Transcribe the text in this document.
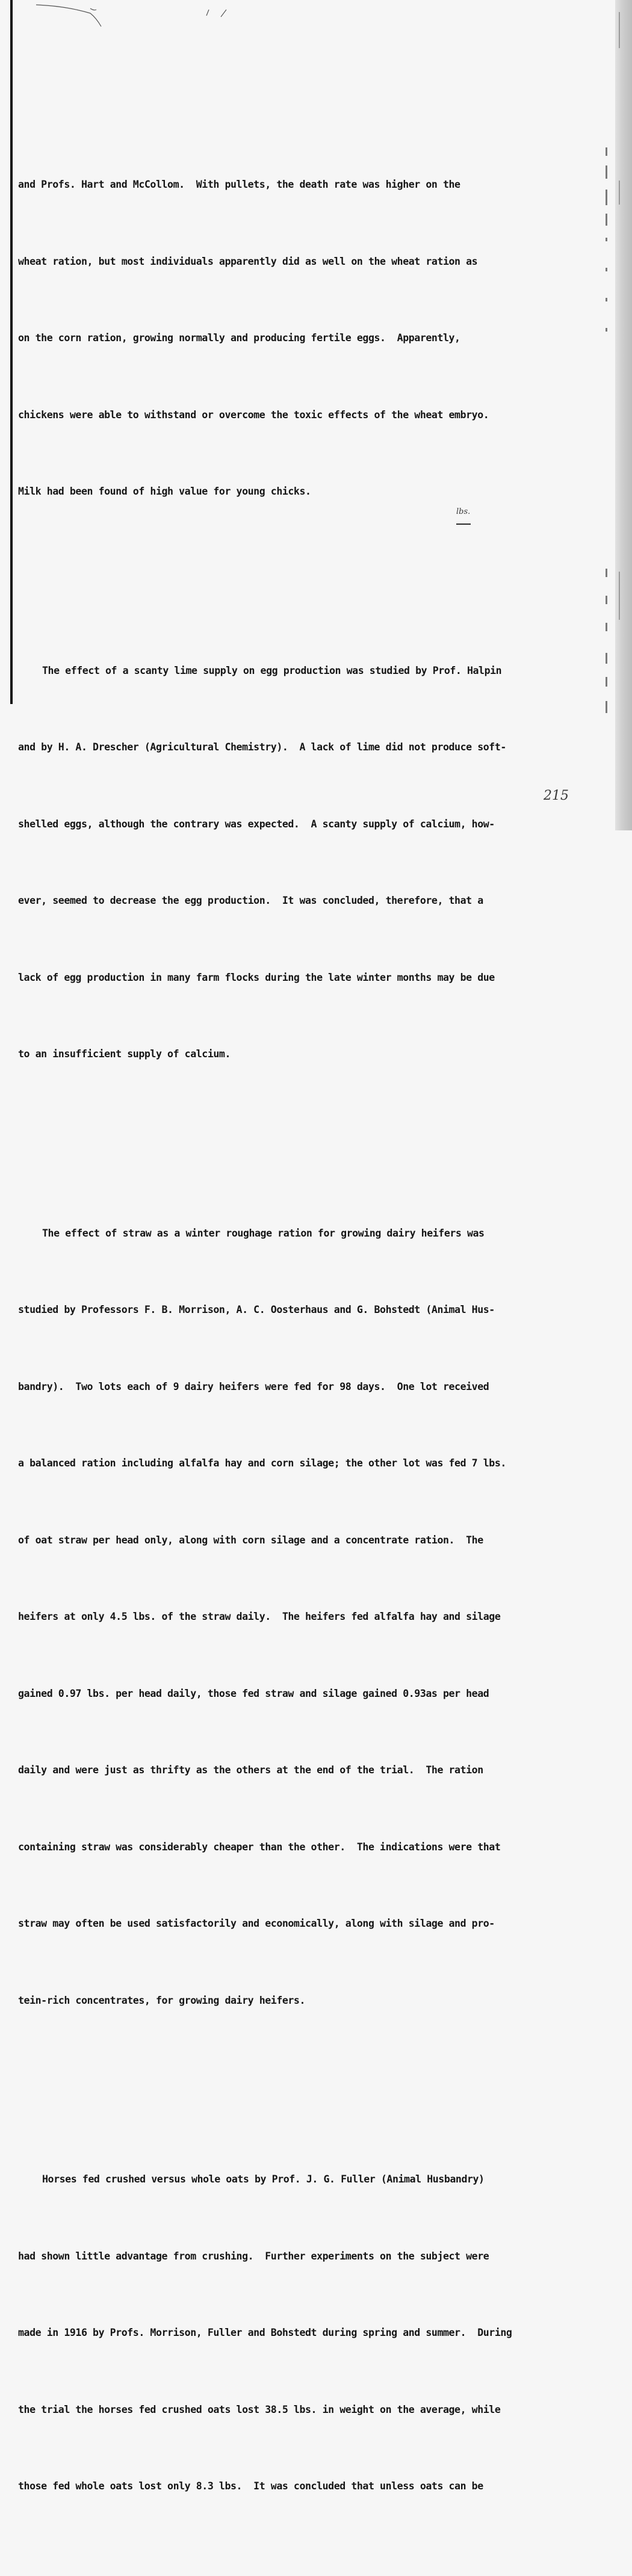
and Profs. Hart and McCollom.  With pullets, the death rate was higher on the

wheat ration, but most individuals apparently did as well on the wheat ration as

on the corn ration, growing normally and producing fertile eggs.  Apparently,

chickens were able to withstand or overcome the toxic effects of the wheat embryo.

Milk had been found of high value for young chicks.

The effect of a scanty lime supply on egg production was studied by Prof. Halpin

and by H. A. Drescher (Agricultural Chemistry).  A lack of lime did not produce soft-

shelled eggs, although the contrary was expected.  A scanty supply of calcium, how-

ever, seemed to decrease the egg production.  It was concluded, therefore, that a

lack of egg production in many farm flocks during the late winter months may be due

to an insufficient supply of calcium.

The effect of straw as a winter roughage ration for growing dairy heifers was

studied by Professors F. B. Morrison, A. C. Oosterhaus and G. Bohstedt (Animal Hus-

bandry).  Two lots each of 9 dairy heifers were fed for 98 days.  One lot received

a balanced ration including alfalfa hay and corn silage; the other lot was fed 7 lbs.

of oat straw per head only, along with corn silage and a concentrate ration.  The

heifers at only 4.5 lbs. of the straw daily.  The heifers fed alfalfa hay and silage

gained 0.97 lbs. per head daily, those fed straw and silage gained 0.93as per head

daily and were just as thrifty as the others at the end of the trial.  The ration

containing straw was considerably cheaper than the other.  The indications were that

straw may often be used satisfactorily and economically, along with silage and pro-

tein-rich concentrates, for growing dairy heifers.

Horses fed crushed versus whole oats by Prof. J. G. Fuller (Animal Husbandry)

had shown little advantage from crushing.  Further experiments on the subject were

made in 1916 by Profs. Morrison, Fuller and Bohstedt during spring and summer.  During

the trial the horses fed crushed oats lost 38.5 lbs. in weight on the average, while

those fed whole oats lost only 8.3 lbs.  It was concluded that unless oats can be

lbs.
215
